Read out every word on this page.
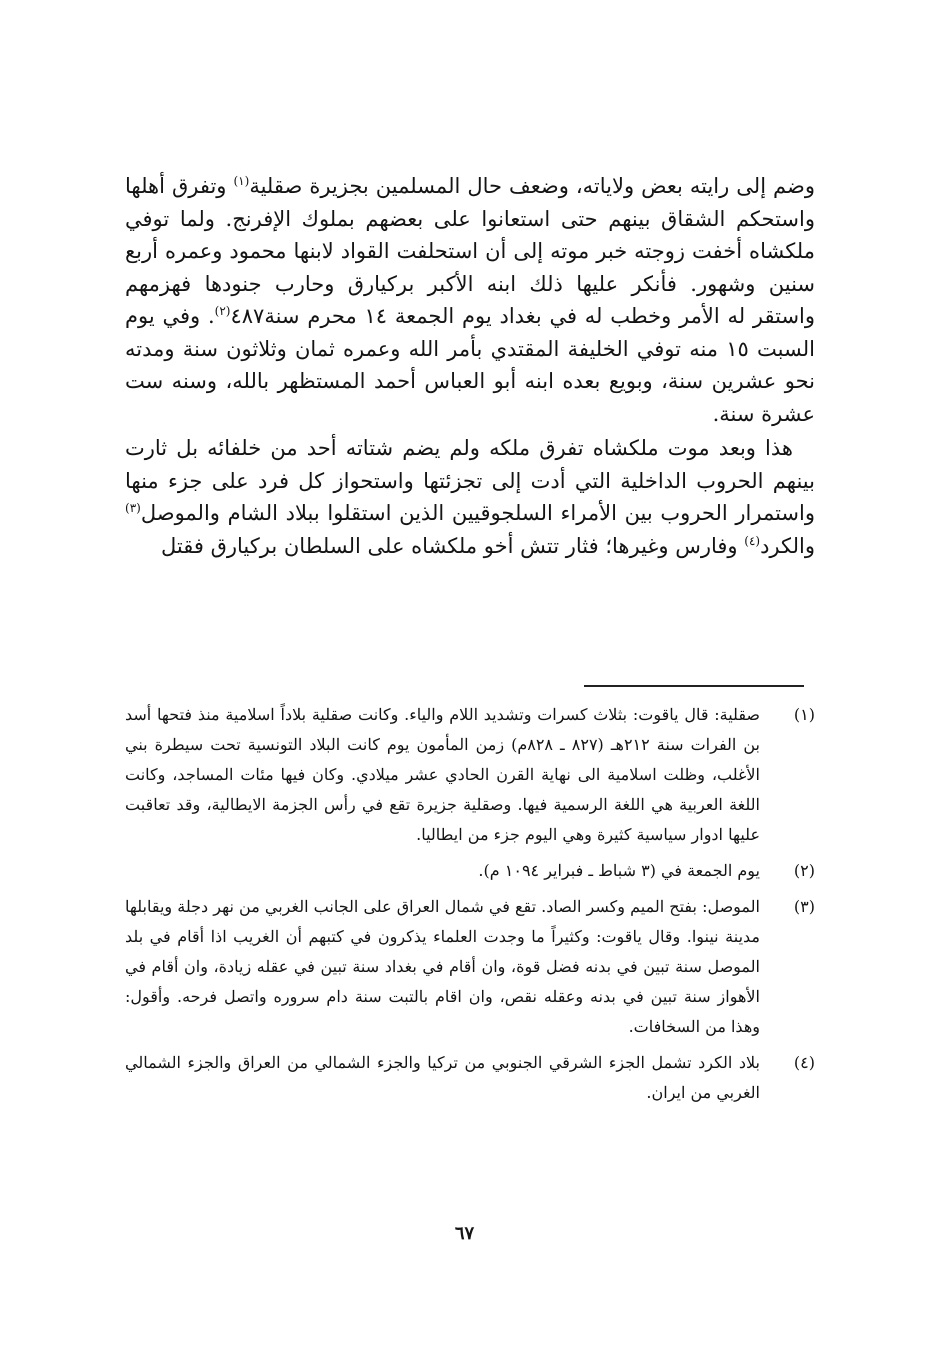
وضم إلى رايته بعض ولاياته، وضعف حال المسلمين بجزيرة صقلية$^{(١)}$ وتفرق أهلها واستحكم الشقاق بينهم حتى استعانوا على بعضهم بملوك الإفرنج. ولما توفي ملكشاه أخفت زوجته خبر موته إلى أن استحلفت القواد لابنها محمود وعمره أربع سنين وشهور. فأنكر عليها ذلك ابنه الأكبر بركيارق وحارب جنودها فهزمهم واستقر له الأمر وخطب له في بغداد يوم الجمعة ١٤ محرم سنة٤٨٧$^{(٢)}$. وفي يوم السبت ١٥ منه توفي الخليفة المقتدي بأمر الله وعمره ثمان وثلاثون سنة ومدته نحو عشرين سنة، وبويع بعده ابنه أبو العباس أحمد المستظهر بالله، وسنه ست عشرة سنة.

هذا وبعد موت ملكشاه تفرق ملكه ولم يضم شتاته أحد من خلفائه بل ثارت بينهم الحروب الداخلية التي أدت إلى تجزئتها واستحواز كل فرد على جزء منها واستمرار الحروب بين الأمراء السلجوقيين الذين استقلوا ببلاد الشام والموصل$^{(٣)}$ والكرد$^{(٤)}$ وفارس وغيرها؛ فثار تتش أخو ملكشاه على السلطان بركيارق فقتل

(١)
صقلية: قال ياقوت: بثلاث كسرات وتشديد اللام والياء. وكانت صقلية بلاداً اسلامية منذ فتحها أسد بن الفرات سنة ٢١٢هـ (٨٢٧ ـ ٨٢٨م) زمن المأمون يوم كانت البلاد التونسية تحت سيطرة بني الأغلب، وظلت اسلامية الى نهاية القرن الحادي عشر ميلادي. وكان فيها مئات المساجد، وكانت اللغة العربية هي اللغة الرسمية فيها. وصقلية جزيرة تقع في رأس الجزمة الايطالية، وقد تعاقبت عليها ادوار سياسية كثيرة وهي اليوم جزء من ايطاليا.
(٢)
يوم الجمعة في (٣ شباط ـ فبراير ١٠٩٤ م).
(٣)
الموصل: بفتح الميم وكسر الصاد. تقع في شمال العراق على الجانب الغربي من نهر دجلة ويقابلها مدينة نينوا. وقال ياقوت: وكثيراً ما وجدت العلماء يذكرون في كتبهم أن الغريب اذا أقام في بلد الموصل سنة تبين في بدنه فضل قوة، وان أقام في بغداد سنة تبين في عقله زيادة، وان أقام في الأهواز سنة تبين في بدنه وعقله نقص، وان اقام بالتبت سنة دام سروره واتصل فرحه. وأقول: وهذا من السخافات.
(٤)
بلاد الكرد تشمل الجزء الشرقي الجنوبي من تركيا والجزء الشمالي من العراق والجزء الشمالي الغربي من ايران.
٦٧
